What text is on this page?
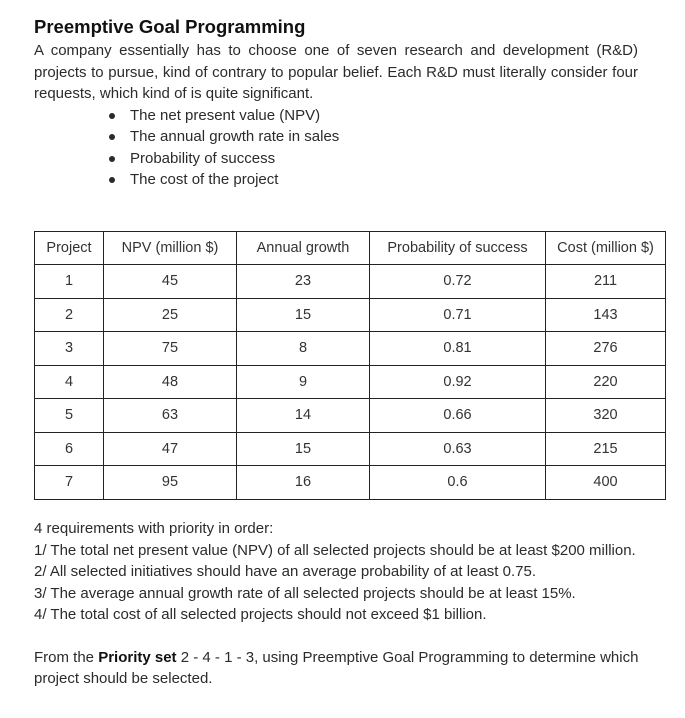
Preemptive Goal Programming

A company essentially has to choose one of seven research and development (R&D) projects to pursue, kind of contrary to popular belief. Each R&D must literally consider four requests, which kind of is quite significant.

The net present value (NPV)
The annual growth rate in sales
Probability of success
The cost of the project
Project	NPV (million $)	Annual growth	Probability of success	Cost (million $)
1	45	23	0.72	211
2	25	15	0.71	143
3	75	8	0.81	276
4	48	9	0.92	220
5	63	14	0.66	320
6	47	15	0.63	215
7	95	16	0.6	400

4 requirements with priority in order:

1/ The total net present value (NPV) of all selected projects should be at least $200 million.

2/ All selected initiatives should have an average probability of at least 0.75.

3/ The average annual growth rate of all selected projects should be at least 15%.

4/ The total cost of all selected projects should not exceed $1 billion.

From the Priority set 2 - 4 - 1 - 3, using Preemptive Goal Programming to determine which project should be selected.
